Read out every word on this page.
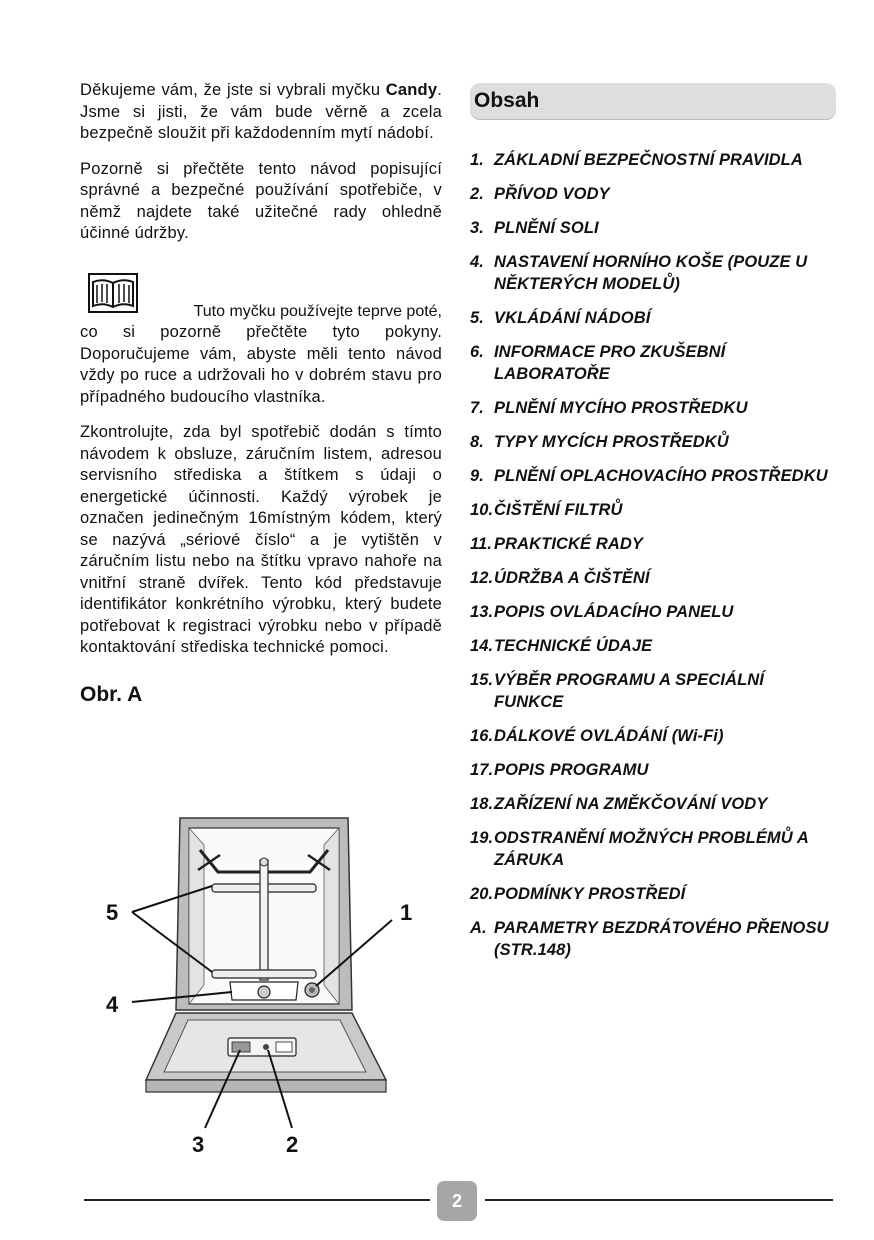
Děkujeme vám, že jste si vybrali myčku Candy. Jsme si jisti, že vám bude věrně a zcela bezpečně sloužit při každodenním mytí nádobí.

Pozorně si přečtěte tento návod popisující správné a bezpečné používání spotřebiče, v němž najdete také užitečné rady ohledně účinné údržby.

Tuto myčku používejte teprve poté,

co si pozorně přečtěte tyto pokyny. Doporučujeme vám, abyste měli tento návod vždy po ruce a udržovali ho v dobrém stavu pro případného budoucího vlastníka.

Zkontrolujte, zda byl spotřebič dodán s tímto návodem k obsluze, záručním listem, adresou servisního střediska a štítkem s údaji o energetické účinnosti. Každý výrobek je označen jedinečným 16místným kódem, který se nazývá „sériové číslo“ a je vytištěn v záručním listu nebo na štítku vpravo nahoře na vnitřní straně dvířek. Tento kód představuje identifikátor konkrétního výrobku, který budete potřebovat k registraci výrobku nebo v případě kontaktování střediska technické pomoci.

Obr. A
5	1
4
3	2
Obsah
1. ZÁKLADNÍ BEZPEČNOSTNÍ PRAVIDLA
2. PŘÍVOD VODY
3. PLNĚNÍ SOLI
4. NASTAVENÍ HORNÍHO KOŠE (POUZE U NĚKTERÝCH MODELŮ)
5. VKLÁDÁNÍ NÁDOBÍ
6. INFORMACE PRO ZKUŠEBNÍ LABORATOŘE
7. PLNĚNÍ MYCÍHO PROSTŘEDKU
8. TYPY MYCÍCH PROSTŘEDKŮ
9. PLNĚNÍ OPLACHOVACÍHO PROSTŘEDKU
10. ČIŠTĚNÍ FILTRŮ
11. PRAKTICKÉ RADY
12. ÚDRŽBA A ČIŠTĚNÍ
13. POPIS OVLÁDACÍHO PANELU
14. TECHNICKÉ ÚDAJE
15. VÝBĚR PROGRAMU A SPECIÁLNÍ FUNKCE
16. DÁLKOVÉ OVLÁDÁNÍ (Wi-Fi)
17. POPIS PROGRAMU
18. ZAŘÍZENÍ NA ZMĚKČOVÁNÍ VODY
19. ODSTRANĚNÍ MOŽNÝCH PROBLÉMŮ A ZÁRUKA
20. PODMÍNKY PROSTŘEDÍ
A. PARAMETRY BEZDRÁTOVÉHO PŘENOSU (STR.148)
2
